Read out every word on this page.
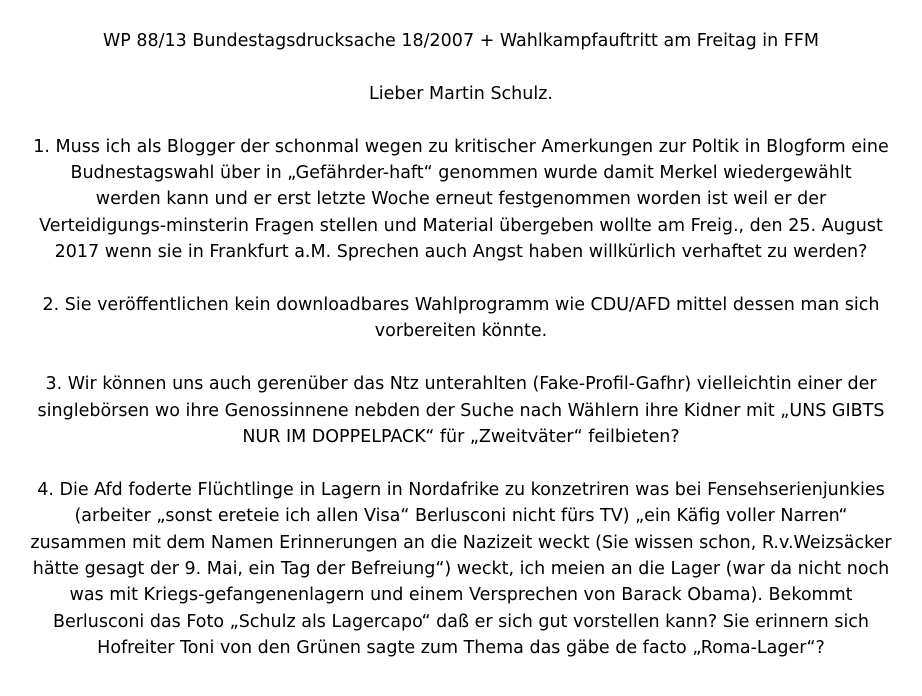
WP 88/13 Bundestagsdrucksache 18/2007 + Wahlkampfauftritt am Freitag in FFM
Lieber Martin Schulz.
1. Muss ich als Blogger der schonmal wegen zu kritischer Amerkungen zur Poltik in Blogform eine
Budnestagswahl über in „Gefährder-haft“ genommen wurde damit Merkel wiedergewählt
werden kann und er erst letzte Woche erneut festgenommen worden ist weil er der
Verteidigungs-minsterin Fragen stellen und Material übergeben wollte am Freig., den 25. August
2017 wenn sie in Frankfurt a.M. Sprechen auch Angst haben willkürlich verhaftet zu werden?
2. Sie veröffentlichen kein downloadbares Wahlprogramm wie CDU/AFD mittel dessen man sich
vorbereiten könnte.
3. Wir können uns auch gerenüber das Ntz unterahlten (Fake-Profil-Gafhr) vielleichtin einer der
singlebörsen wo ihre Genossinnene nebden der Suche nach Wählern ihre Kidner mit „UNS GIBTS
NUR IM DOPPELPACK“ für „Zweitväter“ feilbieten?
4. Die Afd foderte Flüchtlinge in Lagern in Nordafrike zu konzetriren was bei Fensehserienjunkies
(arbeiter „sonst ereteie ich allen Visa“ Berlusconi nicht fürs TV) „ein Käfig voller Narren“
zusammen mit dem Namen Erinnerungen an die Nazizeit weckt (Sie wissen schon, R.v.Weizsäcker
hätte gesagt der 9. Mai, ein Tag der Befreiung“) weckt, ich meien an die Lager (war da nicht noch
was mit Kriegs-gefangenenlagern und einem Versprechen von Barack Obama). Bekommt
Berlusconi das Foto „Schulz als Lagercapo“ daß er sich gut vorstellen kann? Sie erinnern sich
Hofreiter Toni von den Grünen sagte zum Thema das gäbe de facto „Roma-Lager“?
